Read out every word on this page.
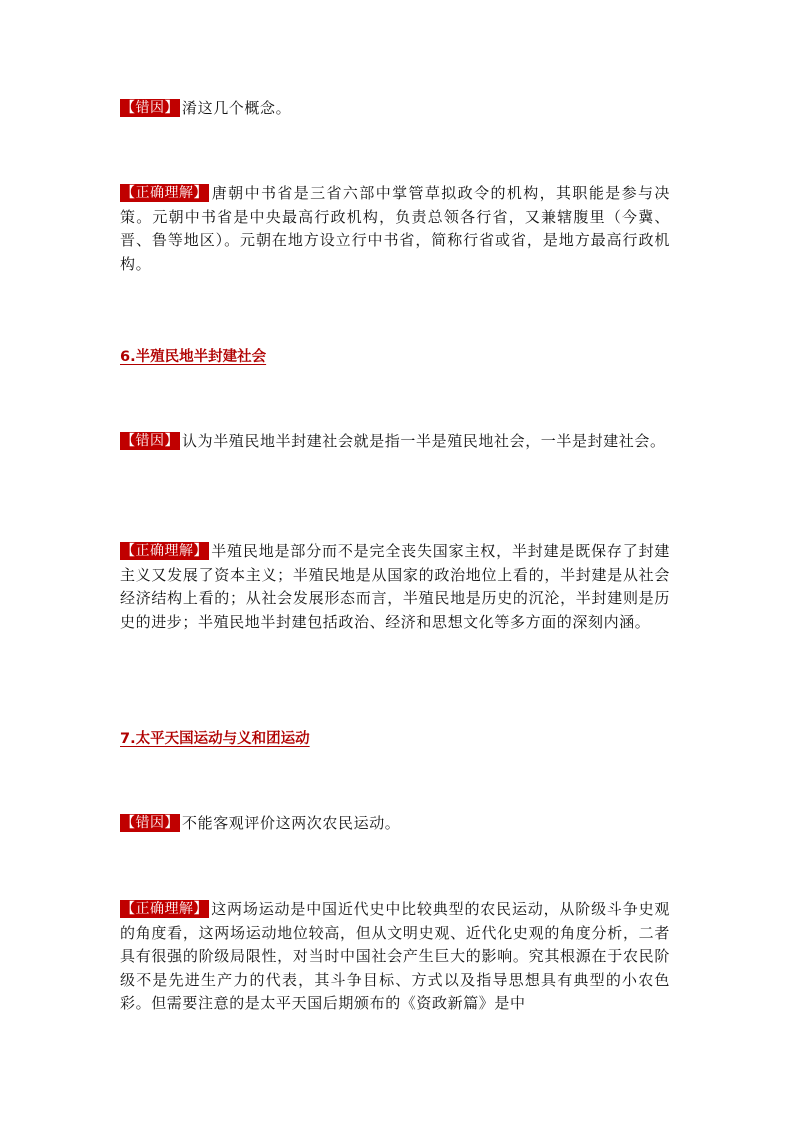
【错因】 淆这几个概念。

【正确理解】 唐朝中书省是三省六部中掌管草拟政令的机构，其职能是参与决策。元朝中书省是中央最高行政机构，负责总领各行省，又兼辖腹里（今冀、晋、鲁等地区）。元朝在地方设立行中书省，简称行省或省，是地方最高行政机构。

6.半殖民地半封建社会

【错因】 认为半殖民地半封建社会就是指一半是殖民地社会，一半是封建社会。

【正确理解】 半殖民地是部分而不是完全丧失国家主权，半封建是既保存了封建主义又发展了资本主义；半殖民地是从国家的政治地位上看的，半封建是从社会经济结构上看的；从社会发展形态而言，半殖民地是历史的沉沦，半封建则是历史的进步；半殖民地半封建包括政治、经济和思想文化等多方面的深刻内涵。

7.太平天国运动与义和团运动

【错因】 不能客观评价这两次农民运动。

【正确理解】 这两场运动是中国近代史中比较典型的农民运动，从阶级斗争史观的角度看，这两场运动地位较高，但从文明史观、近代化史观的角度分析，二者具有很强的阶级局限性，对当时中国社会产生巨大的影响。究其根源在于农民阶级不是先进生产力的代表，其斗争目标、方式以及指导思想具有典型的小农色彩。但需要注意的是太平天国后期颁布的《资政新篇》是中
